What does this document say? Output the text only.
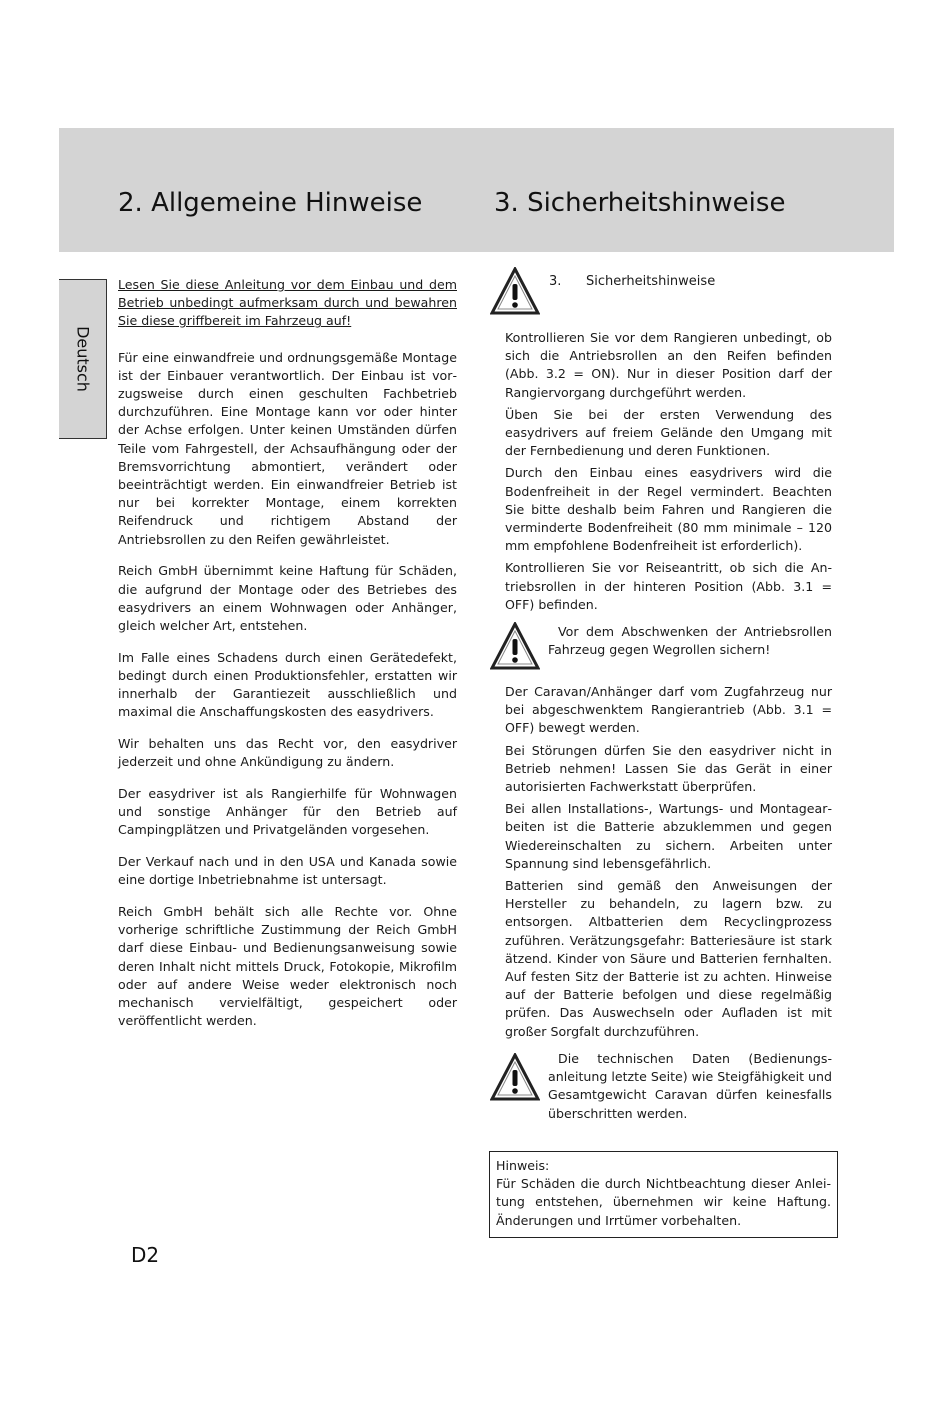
2. Allgemeine Hinweise	3. Sicherheitshinweise
Deutsch

Lesen Sie diese Anleitung vor dem Einbau und dem Betrieb unbedingt aufmerksam durch und bewahren Sie diese griffbereit im Fahrzeug auf!

Für eine einwandfreie und ordnungsgemäße Montage ist der Einbauer verantwortlich. Der Einbau ist vorzugsweise durch einen geschulten Fachbetrieb durchzuführen. Eine Montage kann vor oder hinter der Achse erfolgen. Unter keinen Umständen dürfen Teile vom Fahrgestell, der Achsaufhängung oder der Bremsvorrichtung abmontiert, verändert oder beeinträchtigt werden. Ein einwandfreier Betrieb ist nur bei korrekter Montage, einem korrekten Reifendruck und richtigem Abstand der Antriebsrollen zu den Reifen gewährleistet.

Reich GmbH übernimmt keine Haftung für Schäden, die aufgrund der Montage oder des Betriebes des easydrivers an einem Wohnwagen oder Anhänger, gleich welcher Art, entstehen.

Im Falle eines Schadens durch einen Gerätedefekt, bedingt durch einen Produktionsfehler, erstatten wir innerhalb der Garantiezeit ausschließlich und maximal die Anschaffungskosten des easydrivers.

Wir behalten uns das Recht vor, den easydriver jederzeit und ohne Ankündigung zu ändern.

Der easydriver ist als Rangierhilfe für Wohnwagen und sonstige Anhänger für den Betrieb auf Campingplätzen und Privatgeländen vorgesehen.

Der Verkauf nach und in den USA und Kanada sowie eine dortige Inbetriebnahme ist untersagt.

Reich GmbH behält sich alle Rechte vor. Ohne vorherige schriftliche Zustimmung der Reich GmbH darf diese Einbau- und Bedienungsanweisung sowie deren Inhalt nicht mittels Druck, Fotokopie, Mikrofilm oder auf andere Weise weder elektronisch noch mechanisch vervielfältigt, gespeichert oder veröffentlicht werden.

3. Sicherheitshinweise

Kontrollieren Sie vor dem Rangieren unbedingt, ob sich die Antriebsrollen an den Reifen befinden (Abb. 3.2 = ON). Nur in dieser Position darf der Rangiervorgang durchgeführt werden.

Üben Sie bei der ersten Verwendung des easydrivers auf freiem Gelände den Umgang mit der Fernbedienung und deren Funktionen.

Durch den Einbau eines easydrivers wird die Bodenfreiheit in der Regel vermindert. Beachten Sie bitte deshalb beim Fahren und Rangieren die verminderte Bodenfreiheit (80 mm minimale – 120 mm empfohlene Bodenfreiheit ist erforderlich).

Kontrollieren Sie vor Reiseantritt, ob sich die Antriebsrollen in der hinteren Position (Abb. 3.1 = OFF) befinden.

Vor dem Abschwenken der Antriebsrollen Fahrzeug gegen Wegrollen sichern!

Der Caravan/Anhänger darf vom Zugfahrzeug nur bei abgeschwenktem Rangierantrieb (Abb. 3.1 = OFF) bewegt werden.

Bei Störungen dürfen Sie den easydriver nicht in Betrieb nehmen! Lassen Sie das Gerät in einer autorisierten Fachwerkstatt überprüfen.

Bei allen Installations-, Wartungs- und Montagearbeiten ist die Batterie abzuklemmen und gegen Wiedereinschalten zu sichern. Arbeiten unter Spannung sind lebensgefährlich.

Batterien sind gemäß den Anweisungen der Hersteller zu behandeln, zu lagern bzw. zu entsorgen. Altbatterien dem Recyclingprozess zuführen. Verätzungsgefahr: Batteriesäure ist stark ätzend. Kinder von Säure und Batterien fernhalten. Auf festen Sitz der Batterie ist zu achten. Hinweise auf der Batterie befolgen und diese regelmäßig prüfen. Das Auswechseln oder Aufladen ist mit großer Sorgfalt durchzuführen.

Die technischen Daten (Bedienungsanleitung letzte Seite) wie Steigfähigkeit und Gesamtgewicht Caravan dürfen keinesfalls überschritten werden.

Hinweis:

Für Schäden die durch Nichtbeachtung dieser Anleitung entstehen, übernehmen wir keine Haftung. Änderungen und Irrtümer vorbehalten.

D2
